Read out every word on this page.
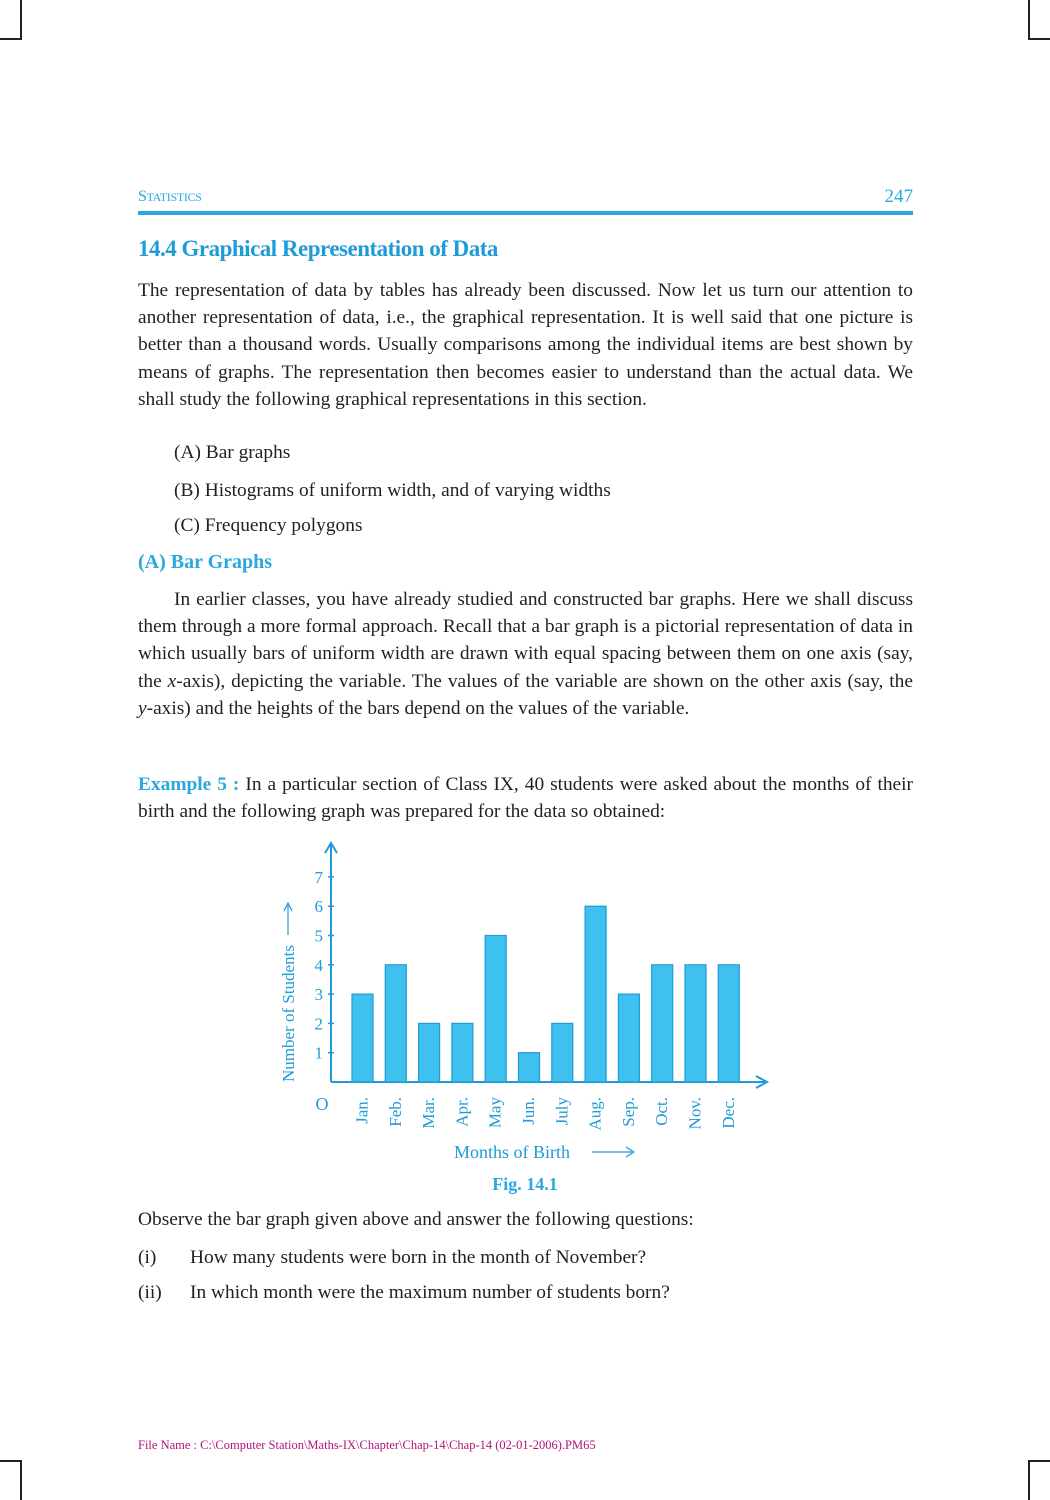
STATISTICS	247
14.4 Graphical Representation of Data

The representation of data by tables has already been discussed. Now let us turn our attention to another representation of data, i.e., the graphical representation. It is well said that one picture is better than a thousand words. Usually comparisons among the individual items are best shown by means of graphs. The representation then becomes easier to understand than the actual data. We shall study the following graphical representations in this section.

(A) Bar graphs

(B) Histograms of uniform width, and of varying widths

(C) Frequency polygons

(A) Bar Graphs

In earlier classes, you have already studied and constructed bar graphs. Here we shall discuss them through a more formal approach. Recall that a bar graph is a pictorial representation of data in which usually bars of uniform width are drawn with equal spacing between them on one axis (say, the x-axis), depicting the variable. The values of the variable are shown on the other axis (say, the y-axis) and the heights of the bars depend on the values of the variable.

Example 5 : In a particular section of Class IX, 40 students were asked about the months of their birth and the following graph was prepared for the data so obtained:

1
2
3
4
5
6
7
O Jan. Feb. Mar. Apr. May Jun. July Aug. Sep. Oct. Nov. Dec.
Number of Students
Months of Birth
Fig. 14.1

Observe the bar graph given above and answer the following questions:

(i) How many students were born in the month of November?

(ii) In which month were the maximum number of students born?

File Name : C:\Computer Station\Maths-IX\Chapter\Chap-14\Chap-14 (02-01-2006).PM65
